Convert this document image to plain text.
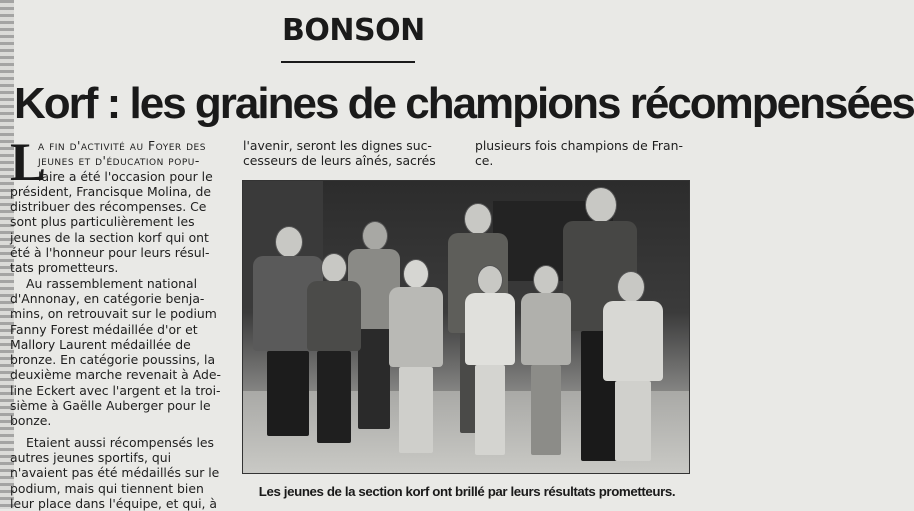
BONSON
Korf : les graines de champions récompensées
L
a fin d'activité au Foyer des
jeunes et d'éducation popu-
laire a été l'occasion pour le
président, Francisque Molina, de
distribuer des récompenses. Ce
sont plus particulièrement les
jeunes de la section korf qui ont
été à l'honneur pour leurs résul-
tats prometteurs.
Au rassemblement national
d'Annonay, en catégorie benja-
mins, on retrouvait sur le podium
Fanny Forest médaillée d'or et
Mallory Laurent médaillée de
bronze. En catégorie poussins, la
deuxième marche revenait à Ade-
line Eckert avec l'argent et la troi-
sième à Gaëlle Auberger pour le
bonze.
Etaient aussi récompensés les
autres jeunes sportifs, qui
n'avaient pas été médaillés sur le
podium, mais qui tiennent bien
leur place dans l'équipe, et qui, à
l'avenir, seront les dignes suc-
cesseurs de leurs aînés, sacrés
plusieurs fois champions de Fran-
ce.
Les jeunes de la section korf ont brillé par leurs résultats prometteurs.
